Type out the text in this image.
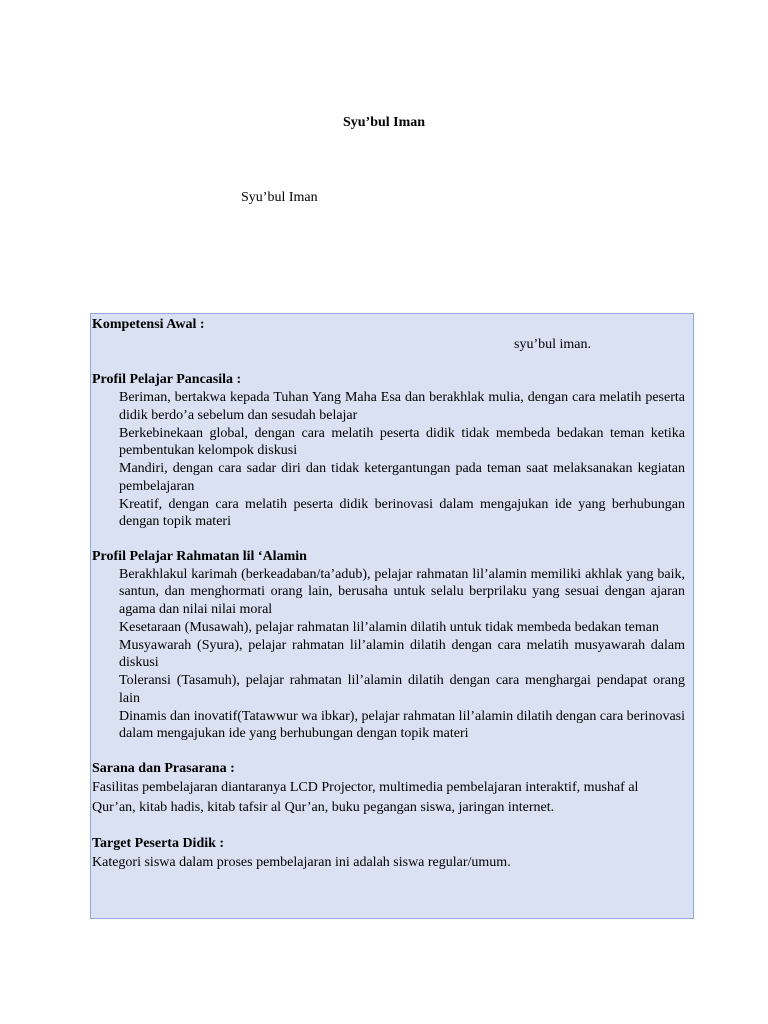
Syu’bul Iman
Syu’bul Iman
Kompetensi Awal :
syu’bul iman.
Profil Pelajar Pancasila :
Beriman, bertakwa kepada Tuhan Yang Maha Esa dan berakhlak mulia, dengan cara melatih peserta didik berdo’a sebelum dan sesudah belajar
Berkebinekaan global, dengan cara melatih peserta didik tidak membeda bedakan teman ketika pembentukan kelompok diskusi
Mandiri, dengan cara sadar diri dan tidak ketergantungan pada teman saat melaksanakan kegiatan pembelajaran
Kreatif, dengan cara melatih peserta didik berinovasi dalam mengajukan ide yang berhubungan dengan topik materi
Profil Pelajar Rahmatan lil ‘Alamin
Berakhlakul karimah (berkeadaban/ta’adub), pelajar rahmatan lil’alamin memiliki akhlak yang baik, santun, dan menghormati orang lain, berusaha untuk selalu berprilaku yang sesuai dengan ajaran agama dan nilai nilai moral
Kesetaraan (Musawah), pelajar rahmatan lil’alamin dilatih untuk tidak membeda bedakan teman
Musyawarah (Syura), pelajar rahmatan lil’alamin dilatih dengan cara melatih musyawarah dalam diskusi
Toleransi (Tasamuh), pelajar rahmatan lil’alamin dilatih dengan cara menghargai pendapat orang lain
Dinamis dan inovatif(Tatawwur wa ibkar), pelajar rahmatan lil’alamin dilatih dengan cara berinovasi dalam mengajukan ide yang berhubungan dengan topik materi
Sarana dan Prasarana :
Fasilitas pembelajaran diantaranya LCD Projector, multimedia pembelajaran interaktif, mushaf al Qur’an, kitab hadis, kitab tafsir al Qur’an, buku pegangan siswa, jaringan internet.
Target Peserta Didik :
Kategori siswa dalam proses pembelajaran ini adalah siswa regular/umum.
